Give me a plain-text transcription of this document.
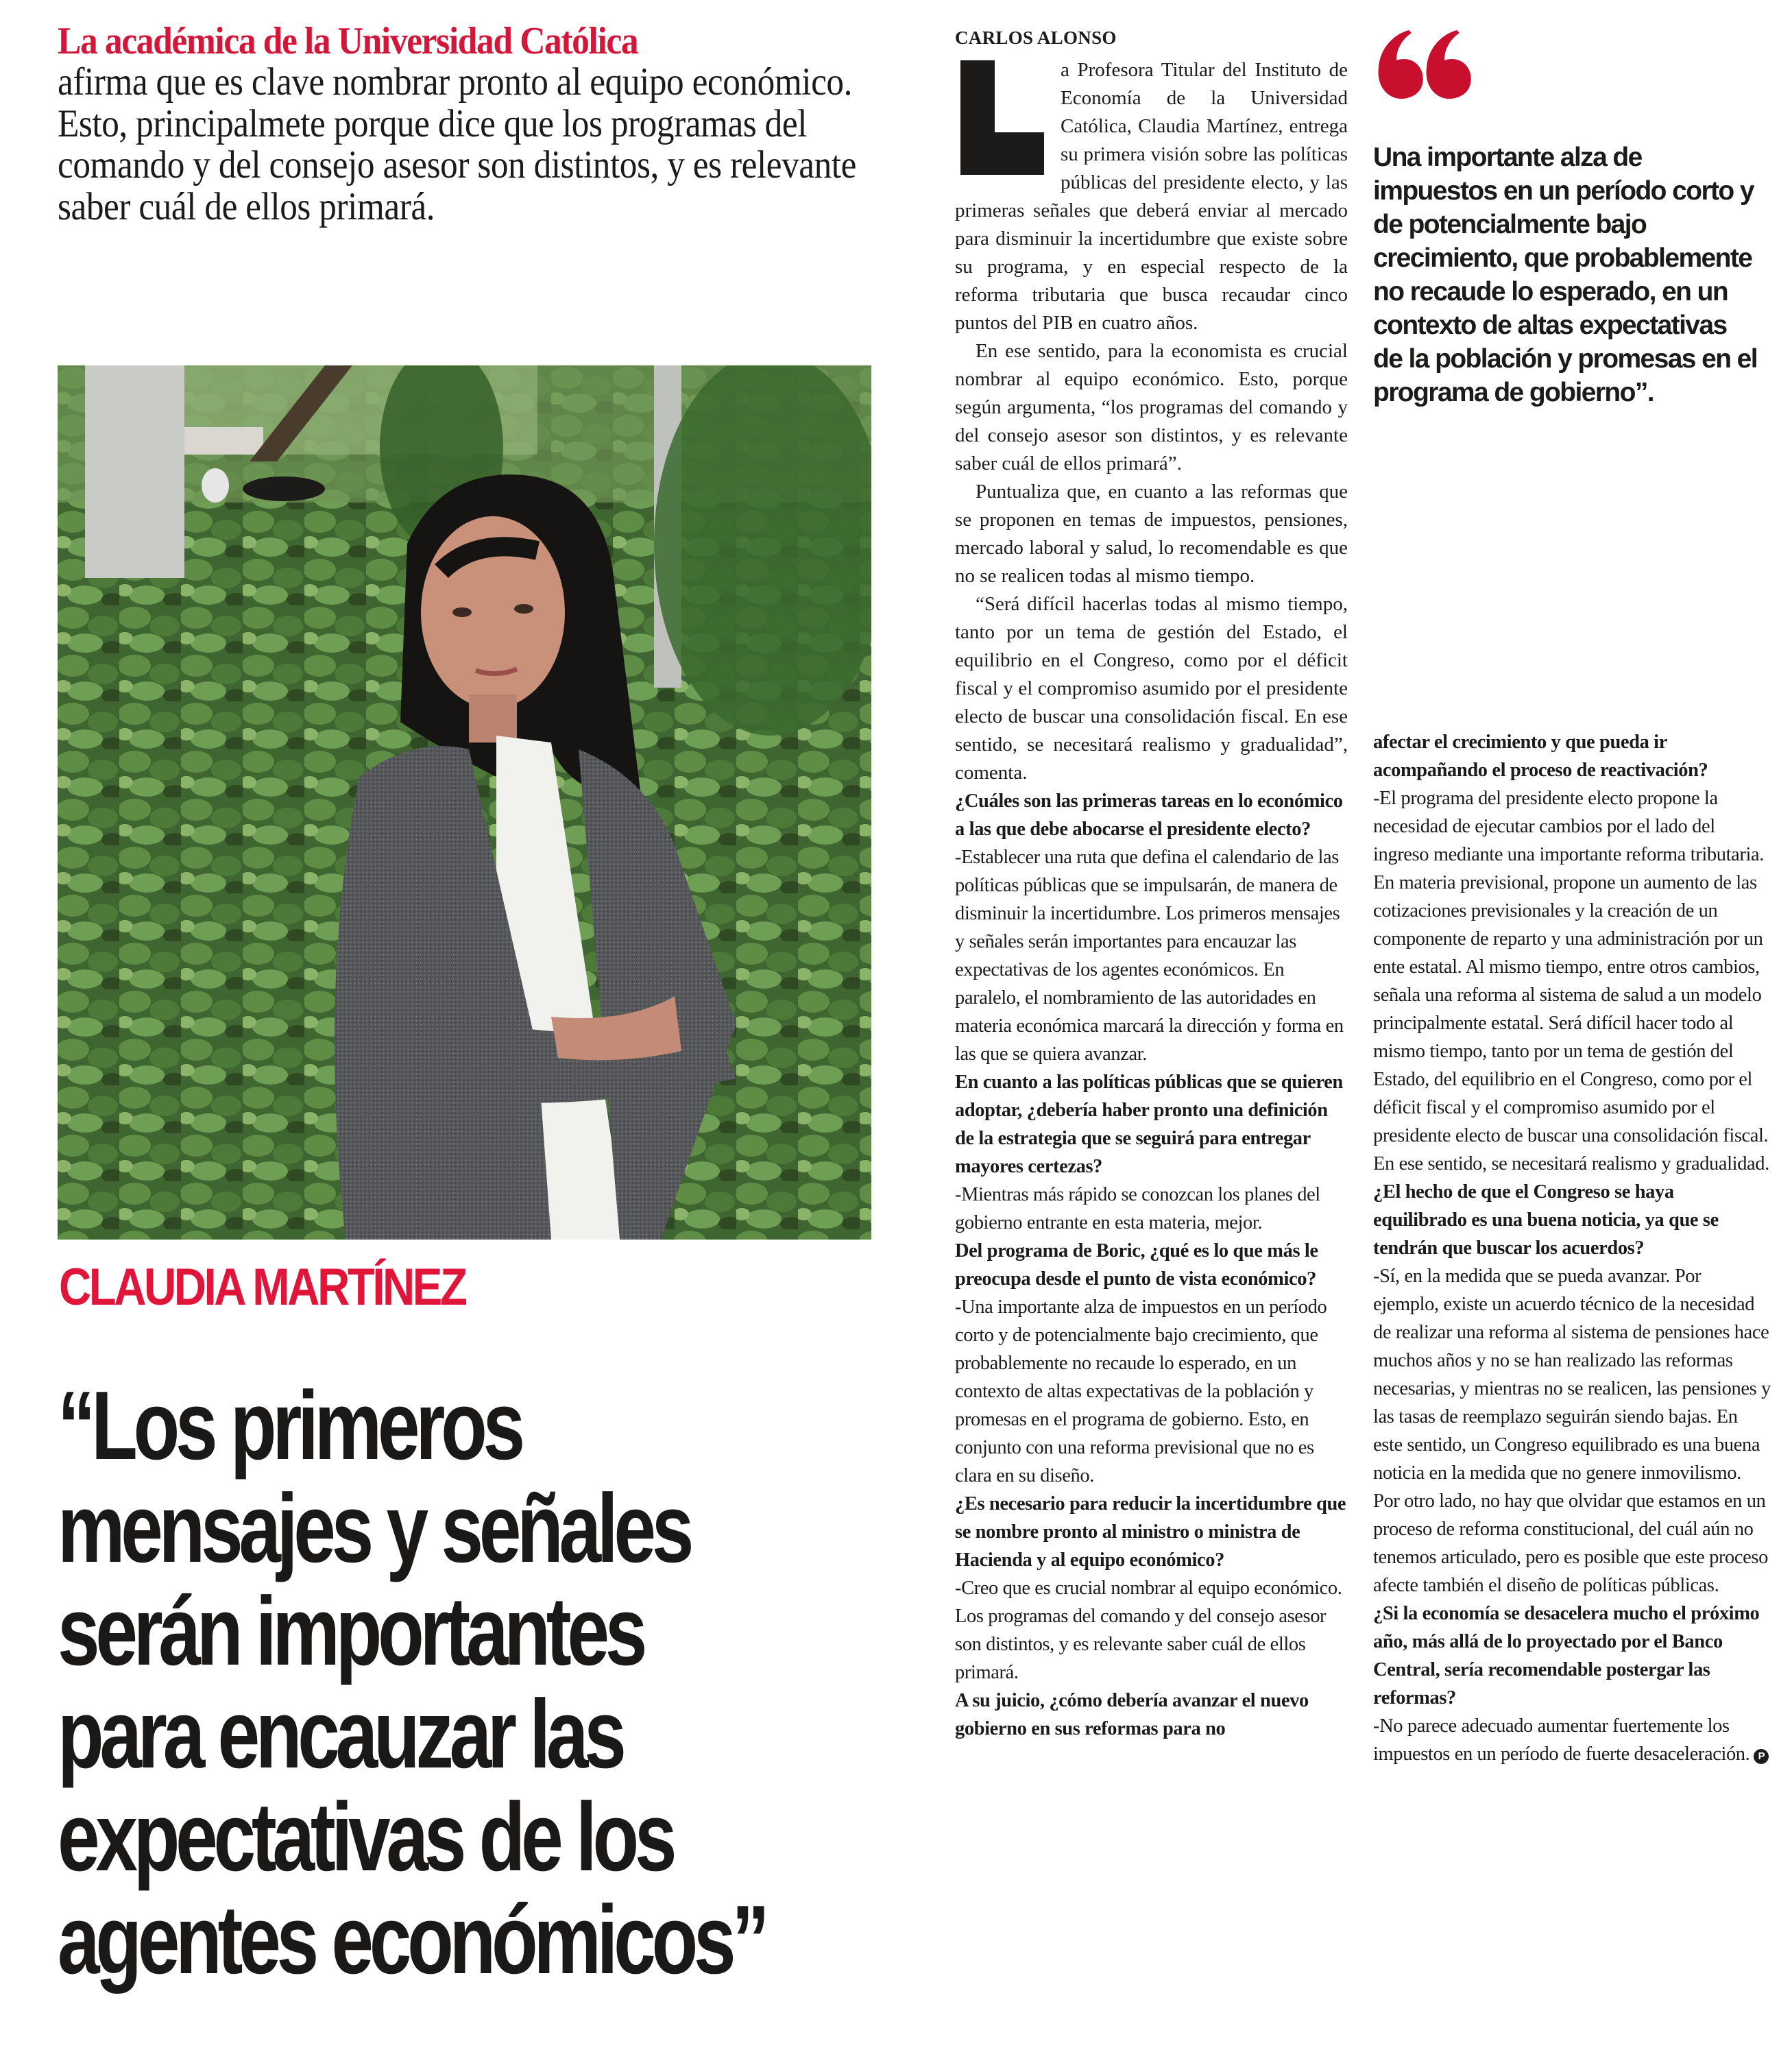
La académica de la Universidad Católica
afirma que es clave nombrar pronto al equipo económico. Esto, principalmete porque dice que los programas del comando y del consejo asesor son distintos, y es relevante saber cuál de ellos primará.
CLAUDIA MARTÍNEZ
“Los primeros
mensajes y señales
serán importantes
para encauzar las
expectativas de los
agentes económicos”
CARLOS ALONSO

a Profesora Titular del Instituto de Economía de la Universidad Católica, Claudia Martínez, entrega su primera visión sobre las políticas públicas del presidente electo, y las primeras señales que deberá enviar al mercado para disminuir la incertidumbre que existe sobre su programa, y en especial respecto de la reforma tributaria que busca recaudar cinco puntos del PIB en cuatro años.

En ese sentido, para la economista es crucial nombrar al equipo económico. Esto, porque según argumenta, “los programas del comando y del consejo asesor son distintos, y es relevante saber cuál de ellos primará”.

Puntualiza que, en cuanto a las reformas que se proponen en temas de impuestos, pensiones, mercado laboral y salud, lo recomendable es que no se realicen todas al mismo tiempo.

“Será difícil hacerlas todas al mismo tiempo, tanto por un tema de gestión del Estado, el equilibrio en el Congreso, como por el déficit fiscal y el compromiso asumido por el presidente electo de buscar una consolidación fiscal. En ese sentido, se necesitará realismo y gradualidad”, comenta.

¿Cuáles son las primeras tareas en lo económico a las que debe abocarse el presidente electo?

-Establecer una ruta que defina el calendario de las políticas públicas que se impulsarán, de manera de disminuir la incertidumbre. Los primeros mensajes y señales serán importantes para encauzar las expectativas de los agentes económicos. En paralelo, el nombramiento de las autoridades en materia económica marcará la dirección y forma en las que se quiera avanzar.

En cuanto a las políticas públicas que se quieren adoptar, ¿debería haber pronto una definición de la estrategia que se seguirá para entregar mayores certezas?

-Mientras más rápido se conozcan los planes del gobierno entrante en esta materia, mejor.

Del programa de Boric, ¿qué es lo que más le preocupa desde el punto de vista económico?

-Una importante alza de impuestos en un período corto y de potencialmente bajo crecimiento, que probablemente no recaude lo esperado, en un contexto de altas expectativas de la población y promesas en el programa de gobierno. Esto, en conjunto con una reforma previsional que no es clara en su diseño.

¿Es necesario para reducir la incertidumbre que se nombre pronto al ministro o ministra de Hacienda y al equipo económico?

-Creo que es crucial nombrar al equipo económico. Los programas del comando y del consejo asesor son distintos, y es relevante saber cuál de ellos primará.

A su juicio, ¿cómo debería avanzar el nuevo gobierno en sus reformas para no

Una importante alza de impuestos en un período corto y de potencialmente bajo crecimiento, que probablemente no recaude lo esperado, en un contexto de altas expectativas de la población y promesas en el programa de gobierno”.

afectar el crecimiento y que pueda ir acompañando el proceso de reactivación?

-El programa del presidente electo propone la necesidad de ejecutar cambios por el lado del ingreso mediante una importante reforma tributaria. En materia previsional, propone un aumento de las cotizaciones previsionales y la creación de un componente de reparto y una administración por un ente estatal. Al mismo tiempo, entre otros cambios, señala una reforma al sistema de salud a un modelo principalmente estatal. Será difícil hacer todo al mismo tiempo, tanto por un tema de gestión del Estado, del equilibrio en el Congreso, como por el déficit fiscal y el compromiso asumido por el presidente electo de buscar una consolidación fiscal. En ese sentido, se necesitará realismo y gradualidad.

¿El hecho de que el Congreso se haya equilibrado es una buena noticia, ya que se tendrán que buscar los acuerdos?

-Sí, en la medida que se pueda avanzar. Por ejemplo, existe un acuerdo técnico de la necesidad de realizar una reforma al sistema de pensiones hace muchos años y no se han realizado las reformas necesarias, y mientras no se realicen, las pensiones y las tasas de reemplazo seguirán siendo bajas. En este sentido, un Congreso equilibrado es una buena noticia en la medida que no genere inmovilismo. Por otro lado, no hay que olvidar que estamos en un proceso de reforma constitucional, del cuál aún no tenemos articulado, pero es posible que este proceso afecte también el diseño de políticas públicas.

¿Si la economía se desacelera mucho el próximo año, más allá de lo proyectado por el Banco Central, sería recomendable postergar las reformas?

-No parece adecuado aumentar fuertemente los impuestos en un período de fuerte desaceleración. P
